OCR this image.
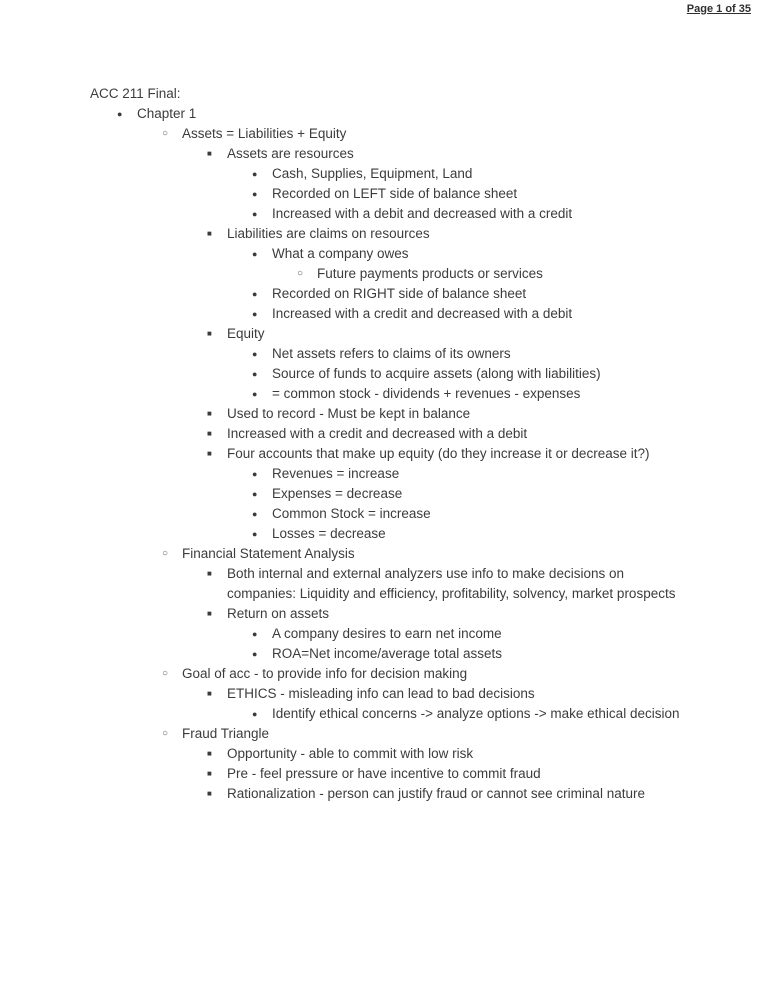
Page 1 of 35
ACC 211 Final:
●	Chapter 1
○	Assets = Liabilities + Equity
■	Assets are resources
●	Cash, Supplies, Equipment, Land
●	Recorded on LEFT side of balance sheet
●	Increased with a debit and decreased with a credit
■	Liabilities are claims on resources
●	What a company owes
○	Future payments products or services
●	Recorded on RIGHT side of balance sheet
●	Increased with a credit and decreased with a debit
■	Equity
●	Net assets refers to claims of its owners
●	Source of funds to acquire assets (along with liabilities)
●	= common stock - dividends + revenues - expenses
■	Used to record - Must be kept in balance
■	Increased with a credit and decreased with a debit
■	Four accounts that make up equity (do they increase it or decrease it?)
●	Revenues = increase
●	Expenses = decrease
●	Common Stock = increase
●	Losses = decrease
○	Financial Statement Analysis
■	Both internal and external analyzers use info to make decisions on companies: Liquidity and efficiency, profitability, solvency, market prospects
■	Return on assets
●	A company desires to earn net income
●	ROA=Net income/average total assets
○	Goal of acc - to provide info for decision making
■	ETHICS - misleading info can lead to bad decisions
●	Identify ethical concerns -> analyze options -> make ethical decision
○	Fraud Triangle
■	Opportunity - able to commit with low risk
■	Pre - feel pressure or have incentive to commit fraud
■	Rationalization - person can justify fraud or cannot see criminal nature
